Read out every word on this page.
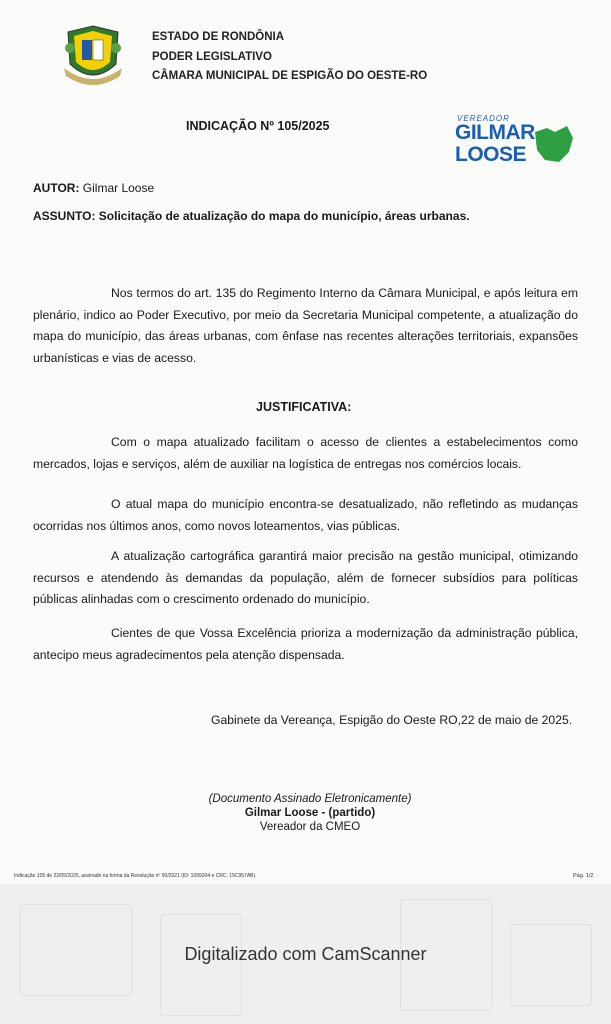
ESTADO DE RONDÔNIA
PODER LEGISLATIVO
CÂMARA MUNICIPAL DE ESPIGÃO DO OESTE-RO
INDICAÇÃO Nº 105/2025
VEREADOR
GILMAR
LOOSE
AUTOR: Gilmar Loose
ASSUNTO: Solicitação de atualização do mapa do município, áreas urbanas.
Nos termos do art. 135 do Regimento Interno da Câmara Municipal, e após leitura em plenário, indico ao Poder Executivo, por meio da Secretaria Municipal competente, a atualização do mapa do município, das áreas urbanas, com ênfase nas recentes alterações territoriais, expansões urbanísticas e vias de acesso.
JUSTIFICATIVA:
Com o mapa atualizado facilitam o acesso de clientes a estabelecimentos como mercados, lojas e serviços, além de auxiliar na logística de entregas nos comércios locais.
O atual mapa do município encontra-se desatualizado, não refletindo as mudanças ocorridas nos últimos anos, como novos loteamentos, vias públicas.
A atualização cartográfica garantirá maior precisão na gestão municipal, otimizando recursos e atendendo às demandas da população, além de fornecer subsídios para políticas públicas alinhadas com o crescimento ordenado do município.
Cientes de que Vossa Excelência prioriza a modernização da administração pública, antecipo meus agradecimentos pela atenção dispensada.
Gabinete da Vereança, Espigão do Oeste RO,22 de maio de 2025.
(Documento Assinado Eletronicamente)
Gilmar Loose - (partido)
Vereador da CMEO
Indicação 105 de 22/05/2025, assinado na forma da Resolução nº 90/2021 (ID: 1099304 e CRC: 15C957AB).	Pág. 1/2
Digitalizado com CamScanner
